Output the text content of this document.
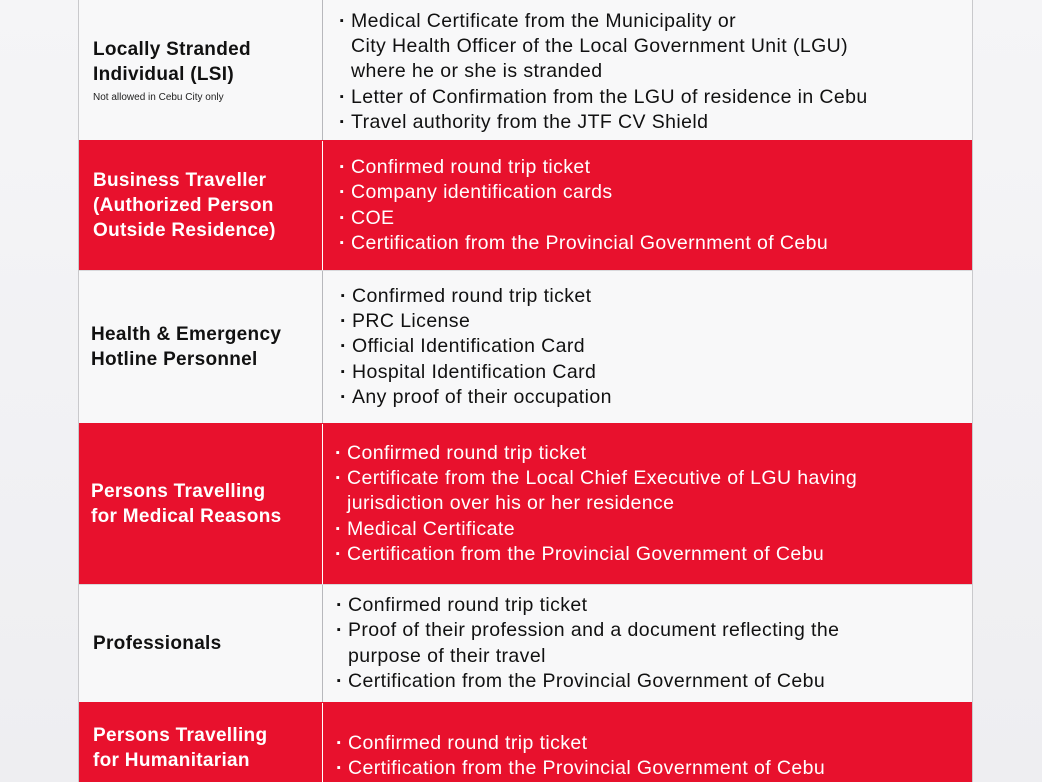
Locally Stranded
Individual (LSI)
Not allowed in Cebu City only
· Medical Certificate from the Municipality or
City Health Officer of the Local Government Unit (LGU)
where he or she is stranded
· Letter of Confirmation from the LGU of residence in Cebu
· Travel authority from the JTF CV Shield
Business Traveller
(Authorized Person
Outside Residence)
· Confirmed round trip ticket
· Company identification cards
· COE
· Certification from the Provincial Government of Cebu
Health & Emergency
Hotline Personnel
· Confirmed round trip ticket
· PRC License
· Official Identification Card
· Hospital Identification Card
· Any proof of their occupation
Persons Travelling
for Medical Reasons
· Confirmed round trip ticket
· Certificate from the Local Chief Executive of LGU having
jurisdiction over his or her residence
· Medical Certificate
· Certification from the Provincial Government of Cebu
Professionals
· Confirmed round trip ticket
· Proof of their profession and a document reflecting the
purpose of their travel
· Certification from the Provincial Government of Cebu
Persons Travelling
for Humanitarian
· Confirmed round trip ticket
· Certification from the Provincial Government of Cebu
